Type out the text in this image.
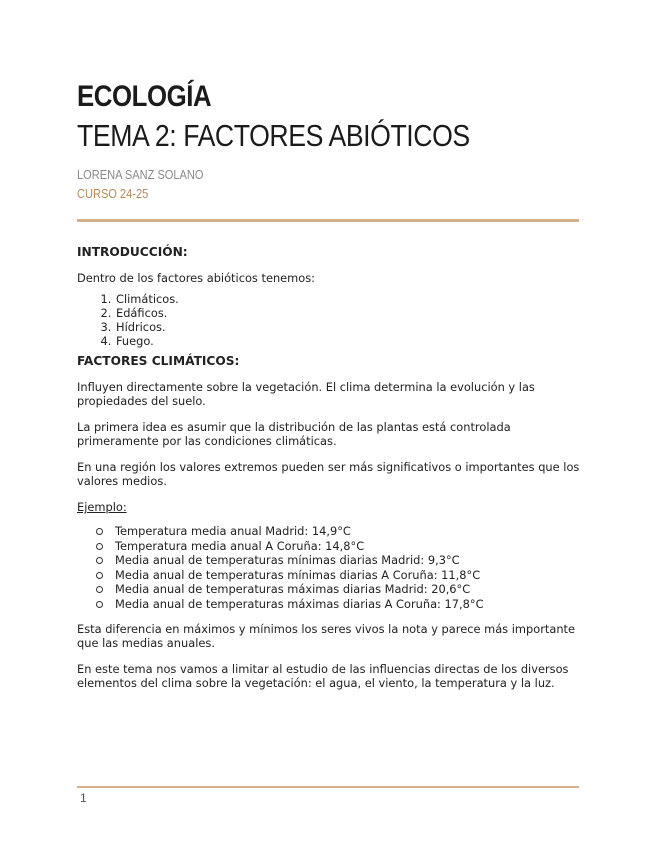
ECOLOGÍA
TEMA 2: FACTORES ABIÓTICOS
LORENA SANZ SOLANO
CURSO 24-25
INTRODUCCIÓN:
Dentro de los factores abióticos tenemos:
1. Climáticos.
2. Edáficos.
3. Hídricos.
4. Fuego.
FACTORES CLIMÁTICOS:
Influyen directamente sobre la vegetación. El clima determina la evolución y las propiedades del suelo.
La primera idea es asumir que la distribución de las plantas está controlada primeramente por las condiciones climáticas.
En una región los valores extremos pueden ser más significativos o importantes que los valores medios.
Ejemplo:
Temperatura media anual Madrid: 14,9°C
Temperatura media anual A Coruña: 14,8°C
Media anual de temperaturas mínimas diarias Madrid: 9,3°C
Media anual de temperaturas mínimas diarias A Coruña: 11,8°C
Media anual de temperaturas máximas diarias Madrid: 20,6°C
Media anual de temperaturas máximas diarias A Coruña: 17,8°C
Esta diferencia en máximos y mínimos los seres vivos la nota y parece más importante que las medias anuales.
En este tema nos vamos a limitar al estudio de las influencias directas de los diversos elementos del clima sobre la vegetación: el agua, el viento, la temperatura y la luz.
1
